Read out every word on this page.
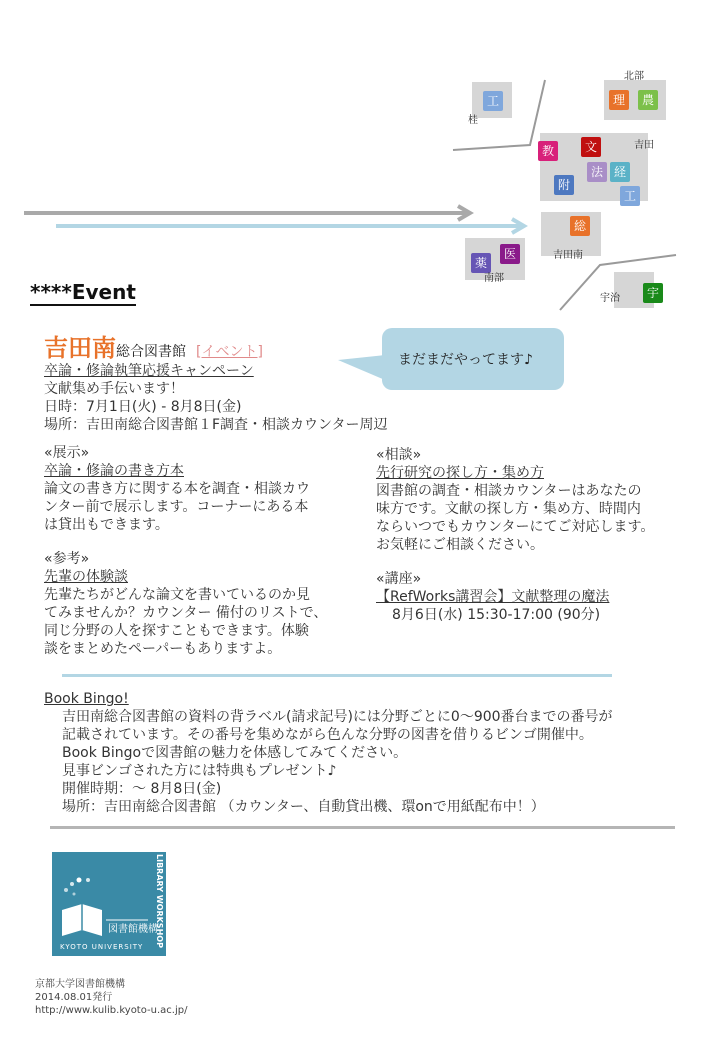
工	理	農
教	文
法 経
附
工
総
薬
医
宇
桂
北部
吉田
吉田南
南部
宇治
****Event
まだまだやってます♪
吉田南総合図書館 [イベント]
卒論・修論執筆応援キャンペーン
文献集め手伝います！
日時：7月1日(火) - 8月8日(金)
場所：吉田南総合図書館１F調査・相談カウンター周辺
«展示»
卒論・修論の書き方本
論文の書き方に関する本を調査・相談カウ
ンター前で展示します。コーナーにある本
は貸出もできます。
«参考»
先輩の体験談
先輩たちがどんな論文を書いているのか見
てみませんか？カウンター 備付のリストで、
同じ分野の人を探すこともできます。体験
談をまとめたペーパーもありますよ。
«相談»
先行研究の探し方・集め方
図書館の調査・相談カウンターはあなたの
味方です。文献の探し方・集め方、時間内
ならいつでもカウンターにてご対応します。
お気軽にご相談ください。
«講座»
【RefWorks講習会】文献整理の魔法
8月6日(水) 15:30-17:00 (90分)
Book Bingo!
吉田南総合図書館の資料の背ラベル(請求記号)には分野ごとに0～900番台までの番号が
記載されています。その番号を集めながら色んな分野の図書を借りるビンゴ開催中。
Book Bingoで図書館の魅力を体感してみてください。
見事ビンゴされた方には特典もプレゼント♪
開催時期：～ 8月8日(金)
場所：吉田南総合図書館 （カウンター、自動貸出機、環onで用紙配布中！）
図書館機構
KYOTO UNIVERSITY LIBRARY WORKSHOP
京都大学図書館機構
2014.08.01発行
http://www.kulib.kyoto-u.ac.jp/
